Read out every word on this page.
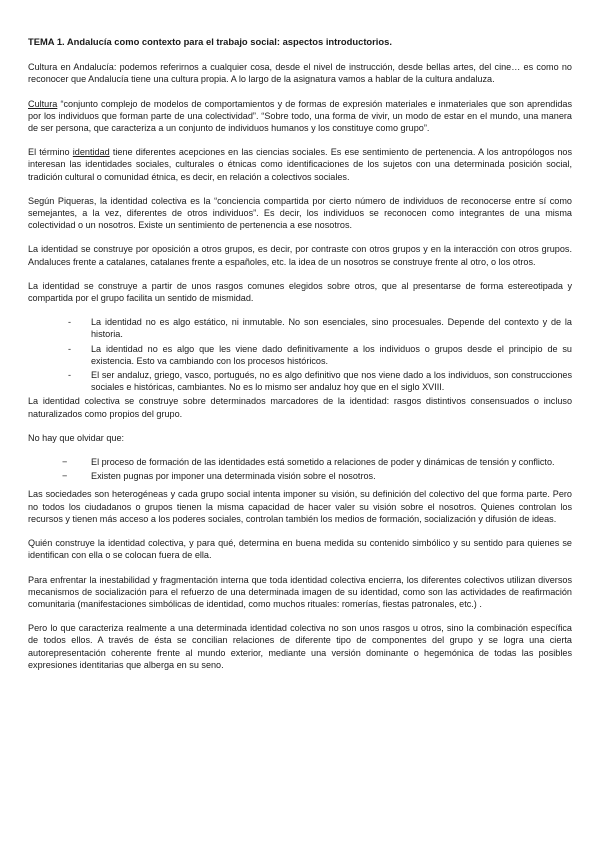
TEMA 1. Andalucía como contexto para el trabajo social: aspectos introductorios.

Cultura en Andalucía: podemos referirnos a cualquier cosa, desde el nivel de instrucción, desde bellas artes, del cine… es como no reconocer que Andalucía tiene una cultura propia. A lo largo de la asignatura vamos a hablar de la cultura andaluza.

Cultura “conjunto complejo de modelos de comportamientos y de formas de expresión materiales e inmateriales que son aprendidas por los individuos que forman parte de una colectividad”. “Sobre todo, una forma de vivir, un modo de estar en el mundo, una manera de ser persona, que caracteriza a un conjunto de individuos humanos y los constituye como grupo”.

El término identidad tiene diferentes acepciones en las ciencias sociales. Es ese sentimiento de pertenencia. A los antropólogos nos interesan las identidades sociales, culturales o étnicas como identificaciones de los sujetos con una determinada posición social, tradición cultural o comunidad étnica, es decir, en relación a colectivos sociales.

Según Piqueras, la identidad colectiva es la “conciencia compartida por cierto número de individuos de reconocerse entre sí como semejantes, a la vez, diferentes de otros individuos”. Es decir, los individuos se reconocen como integrantes de una misma colectividad o un nosotros. Existe un sentimiento de pertenencia a ese nosotros.

La identidad se construye por oposición a otros grupos, es decir, por contraste con otros grupos y en la interacción con otros grupos. Andaluces frente a catalanes, catalanes frente a españoles, etc. la idea de un nosotros se construye frente al otro, o los otros.

La identidad se construye a partir de unos rasgos comunes elegidos sobre otros, que al presentarse de forma estereotipada y compartida por el grupo facilita un sentido de mismidad.

- La identidad no es algo estático, ni inmutable. No son esenciales, sino procesuales. Depende del contexto y de la historia.
- La identidad no es algo que les viene dado definitivamente a los individuos o grupos desde el principio de su existencia. Esto va cambiando con los procesos históricos.
- El ser andaluz, griego, vasco, portugués, no es algo definitivo que nos viene dado a los individuos, son construcciones sociales e históricas, cambiantes. No es lo mismo ser andaluz hoy que en el siglo XVIII.

La identidad colectiva se construye sobre determinados marcadores de la identidad: rasgos distintivos consensuados o incluso naturalizados como propios del grupo.

No hay que olvidar que:

−	El proceso de formación de las identidades está sometido a relaciones de poder y dinámicas de tensión y conflicto.
−	Existen pugnas por imponer una determinada visión sobre el nosotros.

Las sociedades son heterogéneas y cada grupo social intenta imponer su visión, su definición del colectivo del que forma parte. Pero no todos los ciudadanos o grupos tienen la misma capacidad de hacer valer su visión sobre el nosotros. Quienes controlan los recursos y tienen más acceso a los poderes sociales, controlan también los medios de formación, socialización y difusión de ideas.

Quién construye la identidad colectiva, y para qué, determina en buena medida su contenido simbólico y su sentido para quienes se identifican con ella o se colocan fuera de ella.

Para enfrentar la inestabilidad y fragmentación interna que toda identidad colectiva encierra, los diferentes colectivos utilizan diversos mecanismos de socialización para el refuerzo de una determinada imagen de su identidad, como son las actividades de reafirmación comunitaria (manifestaciones simbólicas de identidad, como muchos rituales: romerías, fiestas patronales, etc.) .

Pero lo que caracteriza realmente a una determinada identidad colectiva no son unos rasgos u otros, sino la combinación específica de todos ellos. A través de ésta se concilian relaciones de diferente tipo de componentes del grupo y se logra una cierta autorepresentación coherente frente al mundo exterior, mediante una versión dominante o hegemónica de todas las posibles expresiones identitarias que alberga en su seno.
